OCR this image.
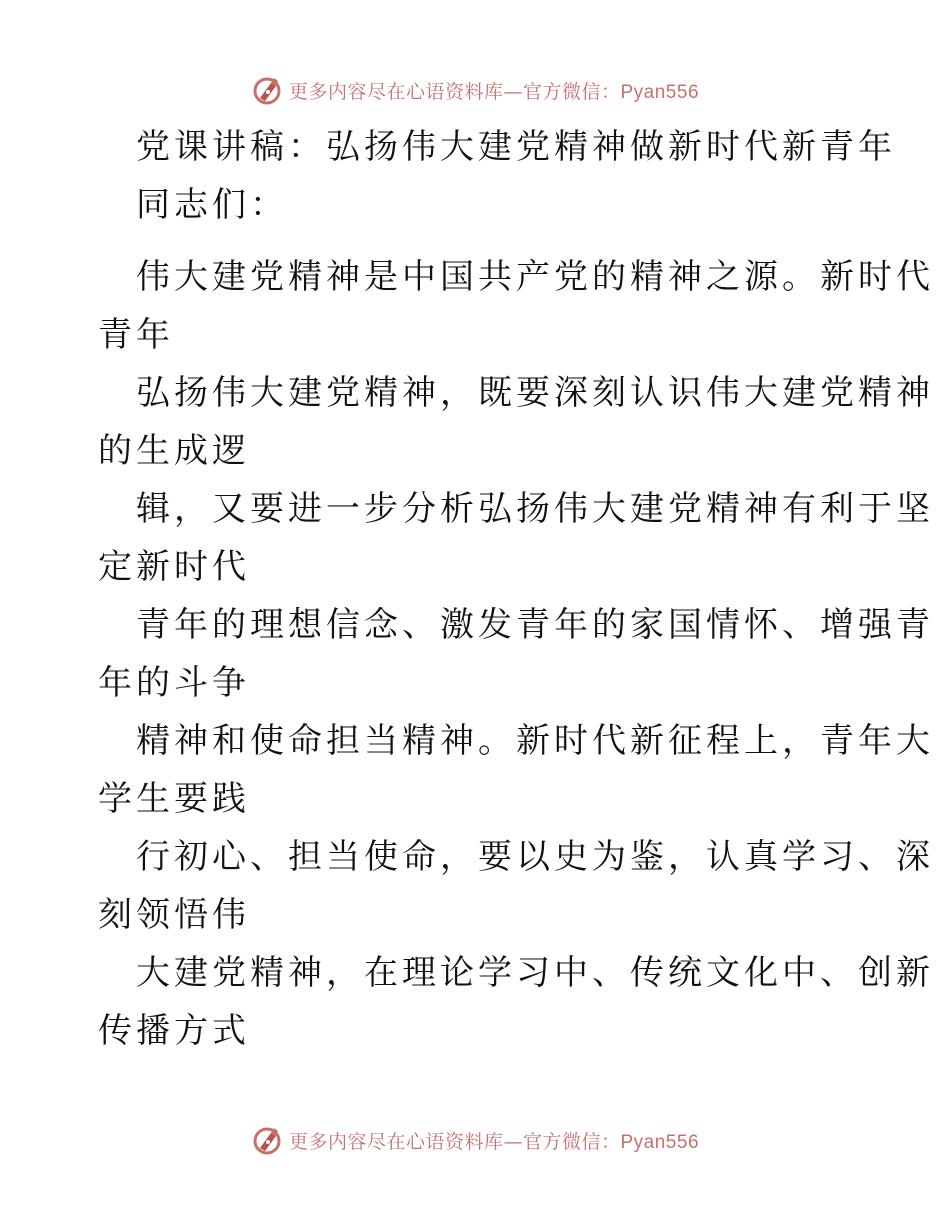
更多内容尽在心语资料库—官方微信：Pyan556
党课讲稿：弘扬伟大建党精神做新时代新青年
同志们：
伟大建党精神是中国共产党的精神之源。新时代
青年
弘扬伟大建党精神，既要深刻认识伟大建党精神
的生成逻
辑，又要进一步分析弘扬伟大建党精神有利于坚
定新时代
青年的理想信念、激发青年的家国情怀、增强青
年的斗争
精神和使命担当精神。新时代新征程上，青年大
学生要践
行初心、担当使命，要以史为鉴，认真学习、深
刻领悟伟
大建党精神，在理论学习中、传统文化中、创新
传播方式
更多内容尽在心语资料库—官方微信：Pyan556
